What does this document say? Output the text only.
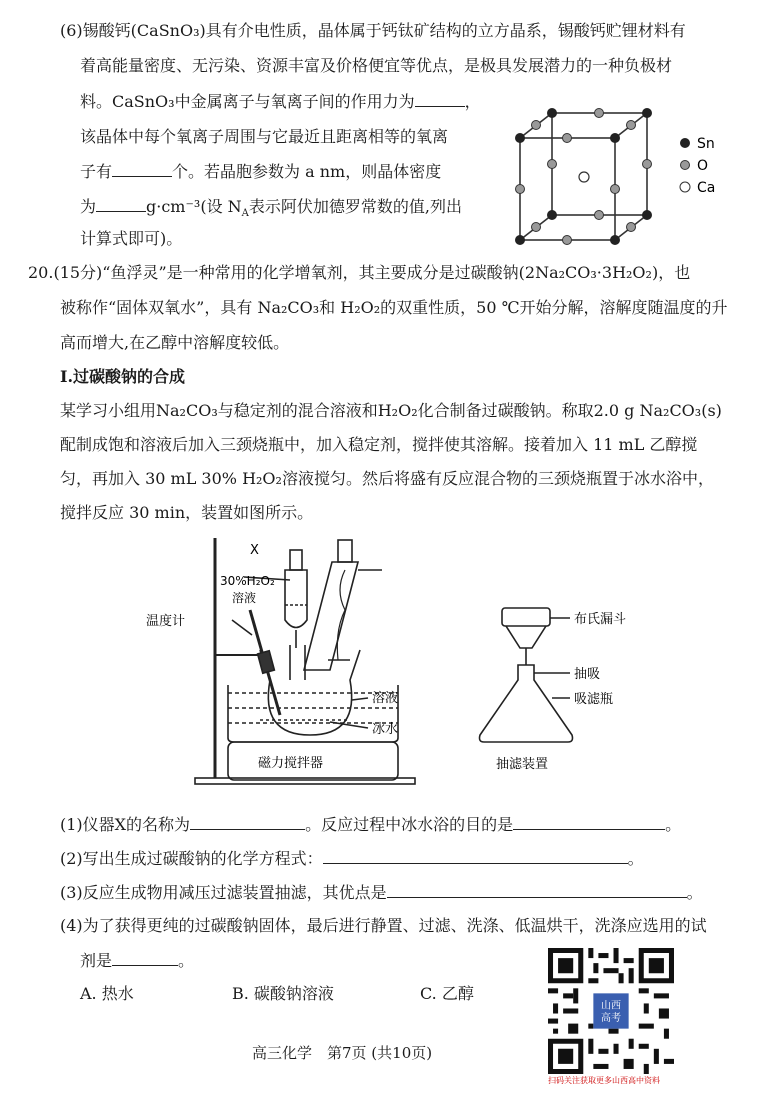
(6)锡酸钙(CaSnO₃)具有介电性质，晶体属于钙钛矿结构的立方晶系，锡酸钙贮锂材料有
着高能量密度、无污染、资源丰富及价格便宜等优点，是极具发展潜力的一种负极材
料。CaSnO₃中金属离子与氧离子间的作用力为	，
该晶体中每个氧离子周围与它最近且距离相等的氧离
子有	个。若晶胞参数为 a nm，则晶体密度
为	g·cm⁻³(设 $N_A$表示阿伏加德罗常数的值,列出
计算式即可)。
Sn
O
Ca
20.(15分)“鱼浮灵”是一种常用的化学增氧剂，其主要成分是过碳酸钠(2Na₂CO₃·3H₂O₂)，也
被称作“固体双氧水”，具有 Na₂CO₃和 H₂O₂的双重性质，50 ℃开始分解，溶解度随温度的升
高而增大,在乙醇中溶解度较低。
Ⅰ.过碳酸钠的合成
某学习小组用Na₂CO₃与稳定剂的混合溶液和H₂O₂化合制备过碳酸钠。称取2.0 g Na₂CO₃(s)
配制成饱和溶液后加入三颈烧瓶中，加入稳定剂，搅拌使其溶解。接着加入 11 mL 乙醇搅
匀，再加入 30 mL 30% H₂O₂溶液搅匀。然后将盛有反应混合物的三颈烧瓶置于冰水浴中，
搅拌反应 30 min，装置如图所示。
X
30%H₂O₂
溶液
温度计
溶液
冰水
磁力搅拌器
布氏漏斗
抽吸
吸滤瓶
抽滤装置
(1)仪器X的名称为	。反应过程中冰水浴的目的是	。
(2)写出生成过碳酸钠的化学方程式：	。
(3)反应生成物用减压过滤装置抽滤，其优点是	。
(4)为了获得更纯的过碳酸钠固体，最后进行静置、过滤、洗涤、低温烘干，洗涤应选用的试
剂是	。
A. 热水	B. 碳酸钠溶液	C. 乙醇
高三化学　第7页 (共10页)
山西
高考
扫码关注获取更多山西高中资料
